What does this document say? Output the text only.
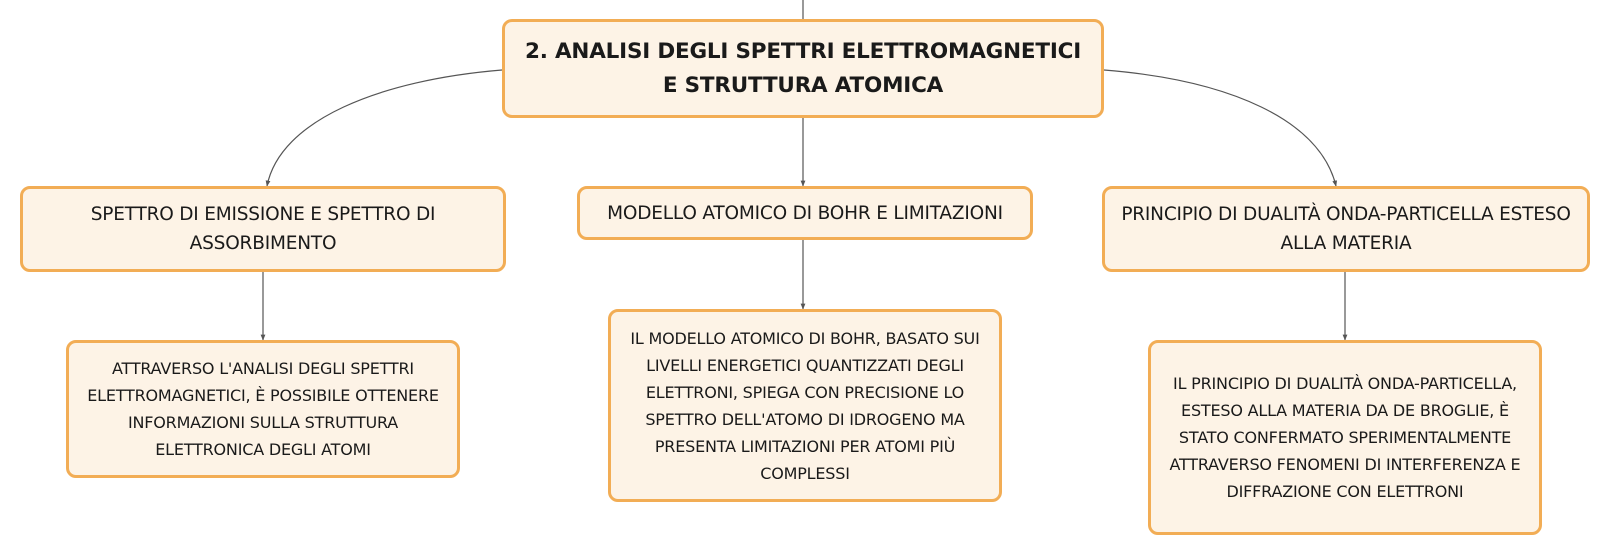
2. ANALISI DEGLI SPETTRI ELETTROMAGNETICI E STRUTTURA ATOMICA
SPETTRO DI EMISSIONE E SPETTRO DI ASSORBIMENTO
MODELLO ATOMICO DI BOHR E LIMITAZIONI	PRINCIPIO DI DUALITÀ ONDA-PARTICELLA ESTESO ALLA MATERIA
ATTRAVERSO L'ANALISI DEGLI SPETTRI ELETTROMAGNETICI, È POSSIBILE OTTENERE INFORMAZIONI SULLA STRUTTURA ELETTRONICA DEGLI ATOMI
IL MODELLO ATOMICO DI BOHR, BASATO SUI LIVELLI ENERGETICI QUANTIZZATI DEGLI ELETTRONI, SPIEGA CON PRECISIONE LO SPETTRO DELL'ATOMO DI IDROGENO MA PRESENTA LIMITAZIONI PER ATOMI PIÙ COMPLESSI
IL PRINCIPIO DI DUALITÀ ONDA-PARTICELLA, ESTESO ALLA MATERIA DA DE BROGLIE, È STATO CONFERMATO SPERIMENTALMENTE ATTRAVERSO FENOMENI DI INTERFERENZA E DIFFRAZIONE CON ELETTRONI
